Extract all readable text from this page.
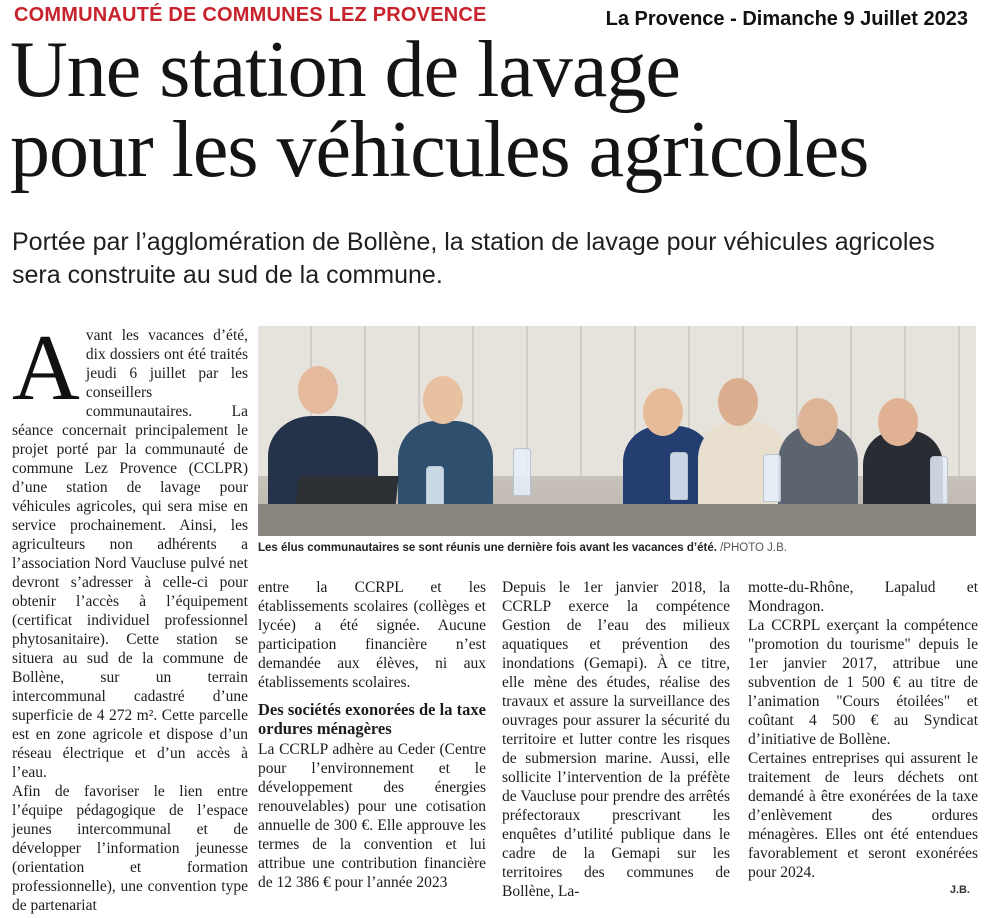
COMMUNAUTÉ DE COMMUNES LEZ PROVENCE	La Provence - Dimanche 9 Juillet 2023
Une station de lavage
pour les véhicules agricoles
Portée par l’agglomération de Bollène, la station de lavage pour véhicules agricoles sera construite au sud de la commune.
Les élus communautaires se sont réunis une dernière fois avant les vacances d’été. /PHOTO J.B.
A vant les vacances d’été, dix dossiers ont été traités jeudi 6 juillet par les conseillers communautaires. La séance concernait principalement le projet porté par la communauté de commune Lez Provence (CCLPR) d’une station de lavage pour véhicules agricoles, qui sera mise en service prochainement. Ainsi, les agriculteurs non adhérents a l’association Nord Vaucluse pulvé net devront s’adresser à celle-ci pour obtenir l’accès à l’équipement (certificat individuel professionnel phytosanitaire). Cette station se situera au sud de la commune de Bollène, sur un terrain intercommunal cadastré d’une superficie de 4 272 m². Cette parcelle est en zone agricole et dispose d’un réseau électrique et d’un accès à l’eau.

Afin de favoriser le lien entre l’équipe pédagogique de l’espace jeunes intercommunal et de développer l’information jeunesse (orientation et formation professionnelle), une convention type de partenariat

entre la CCRPL et les établissements scolaires (collèges et lycée) a été signée. Aucune participation financière n’est demandée aux élèves, ni aux établissements scolaires.

Des sociétés exonorées de la taxe ordures ménagères

La CCRLP adhère au Ceder (Centre pour l’environnement et le développement des énergies renouvelables) pour une cotisation annuelle de 300 €. Elle approuve les termes de la convention et lui attribue une contribution financière de 12 386 € pour l’année 2023

Depuis le 1er janvier 2018, la CCRLP exerce la compétence Gestion de l’eau des milieux aquatiques et prévention des inondations (Gemapi). À ce titre, elle mène des études, réalise des travaux et assure la surveillance des ouvrages pour assurer la sécurité du territoire et lutter contre les risques de submersion marine. Aussi, elle sollicite l’intervention de la préfète de Vaucluse pour prendre des arrêtés préfectoraux prescrivant les enquêtes d’utilité publique dans le cadre de la Gemapi sur les territoires des communes de Bollène, La-

motte-du-Rhône, Lapalud et Mondragon.

La CCRPL exerçant la compétence "promotion du tourisme" depuis le 1er janvier 2017, attribue une subvention de 1 500 € au titre de l’animation "Cours étoilées" et coûtant 4 500 € au Syndicat d’initiative de Bollène.

Certaines entreprises qui assurent le traitement de leurs déchets ont demandé à être exonérées de la taxe d’enlèvement des ordures ménagères. Elles ont été entendues favorablement et seront exonérées pour 2024.

J.B.
